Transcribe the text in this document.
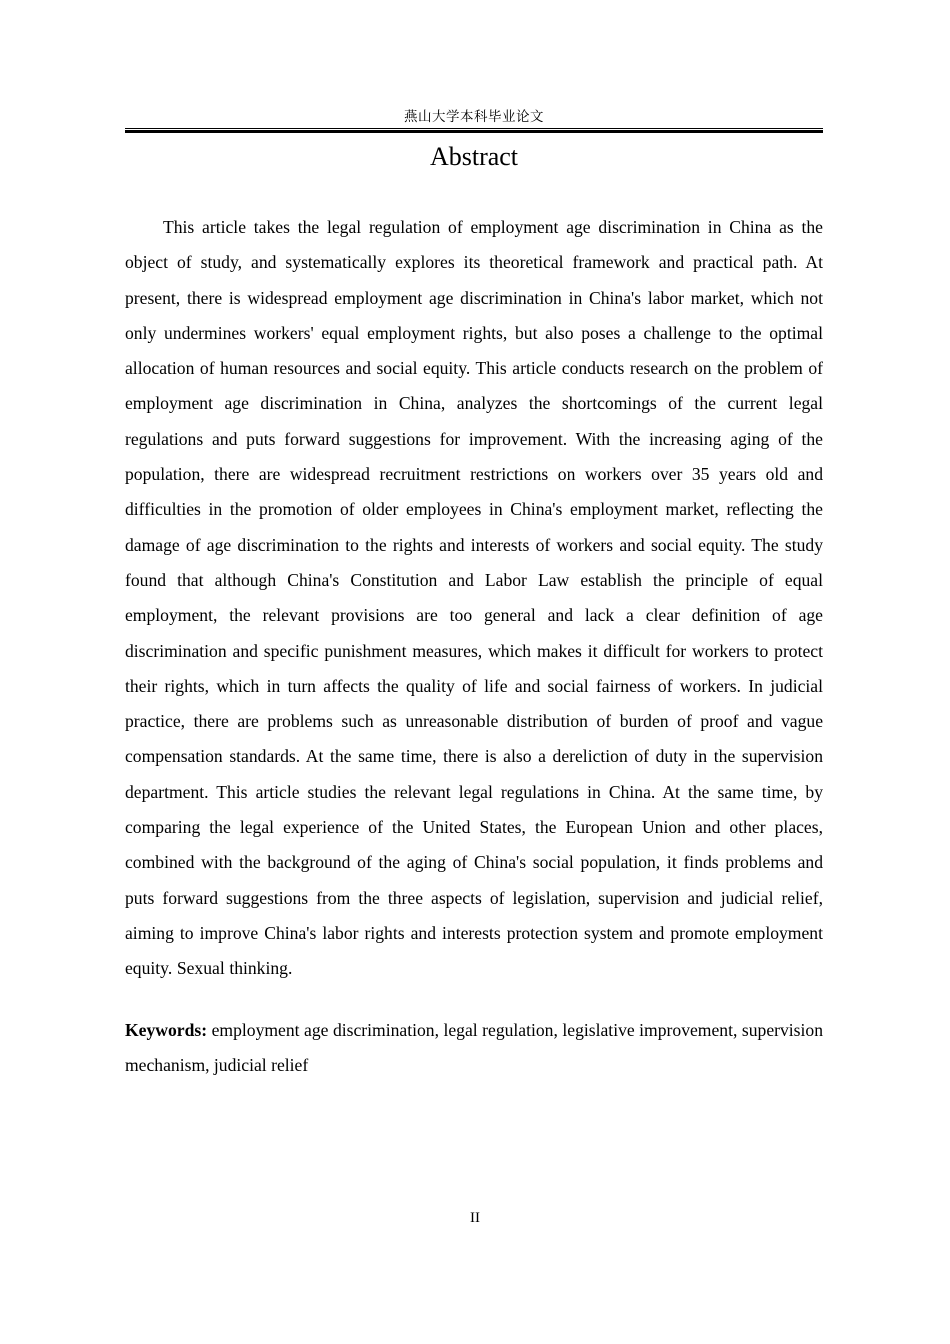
燕山大学本科毕业论文
Abstract

This article takes the legal regulation of employment age discrimination in China as the object of study, and systematically explores its theoretical framework and practical path. At present, there is widespread employment age discrimination in China's labor market, which not only undermines workers' equal employment rights, but also poses a challenge to the optimal allocation of human resources and social equity. This article conducts research on the problem of employment age discrimination in China, analyzes the shortcomings of the current legal regulations and puts forward suggestions for improvement. With the increasing aging of the population, there are widespread recruitment restrictions on workers over 35 years old and difficulties in the promotion of older employees in China's employment market, reflecting the damage of age discrimination to the rights and interests of workers and social equity. The study found that although China's Constitution and Labor Law establish the principle of equal employment, the relevant provisions are too general and lack a clear definition of age discrimination and specific punishment measures, which makes it difficult for workers to protect their rights, which in turn affects the quality of life and social fairness of workers. In judicial practice, there are problems such as unreasonable distribution of burden of proof and vague compensation standards. At the same time, there is also a dereliction of duty in the supervision department. This article studies the relevant legal regulations in China. At the same time, by comparing the legal experience of the United States, the European Union and other places, combined with the background of the aging of China's social population, it finds problems and puts forward suggestions from the three aspects of legislation, supervision and judicial relief, aiming to improve China's labor rights and interests protection system and promote employment equity. Sexual thinking.

Keywords: employment age discrimination, legal regulation, legislative improvement, supervision mechanism, judicial relief

II
